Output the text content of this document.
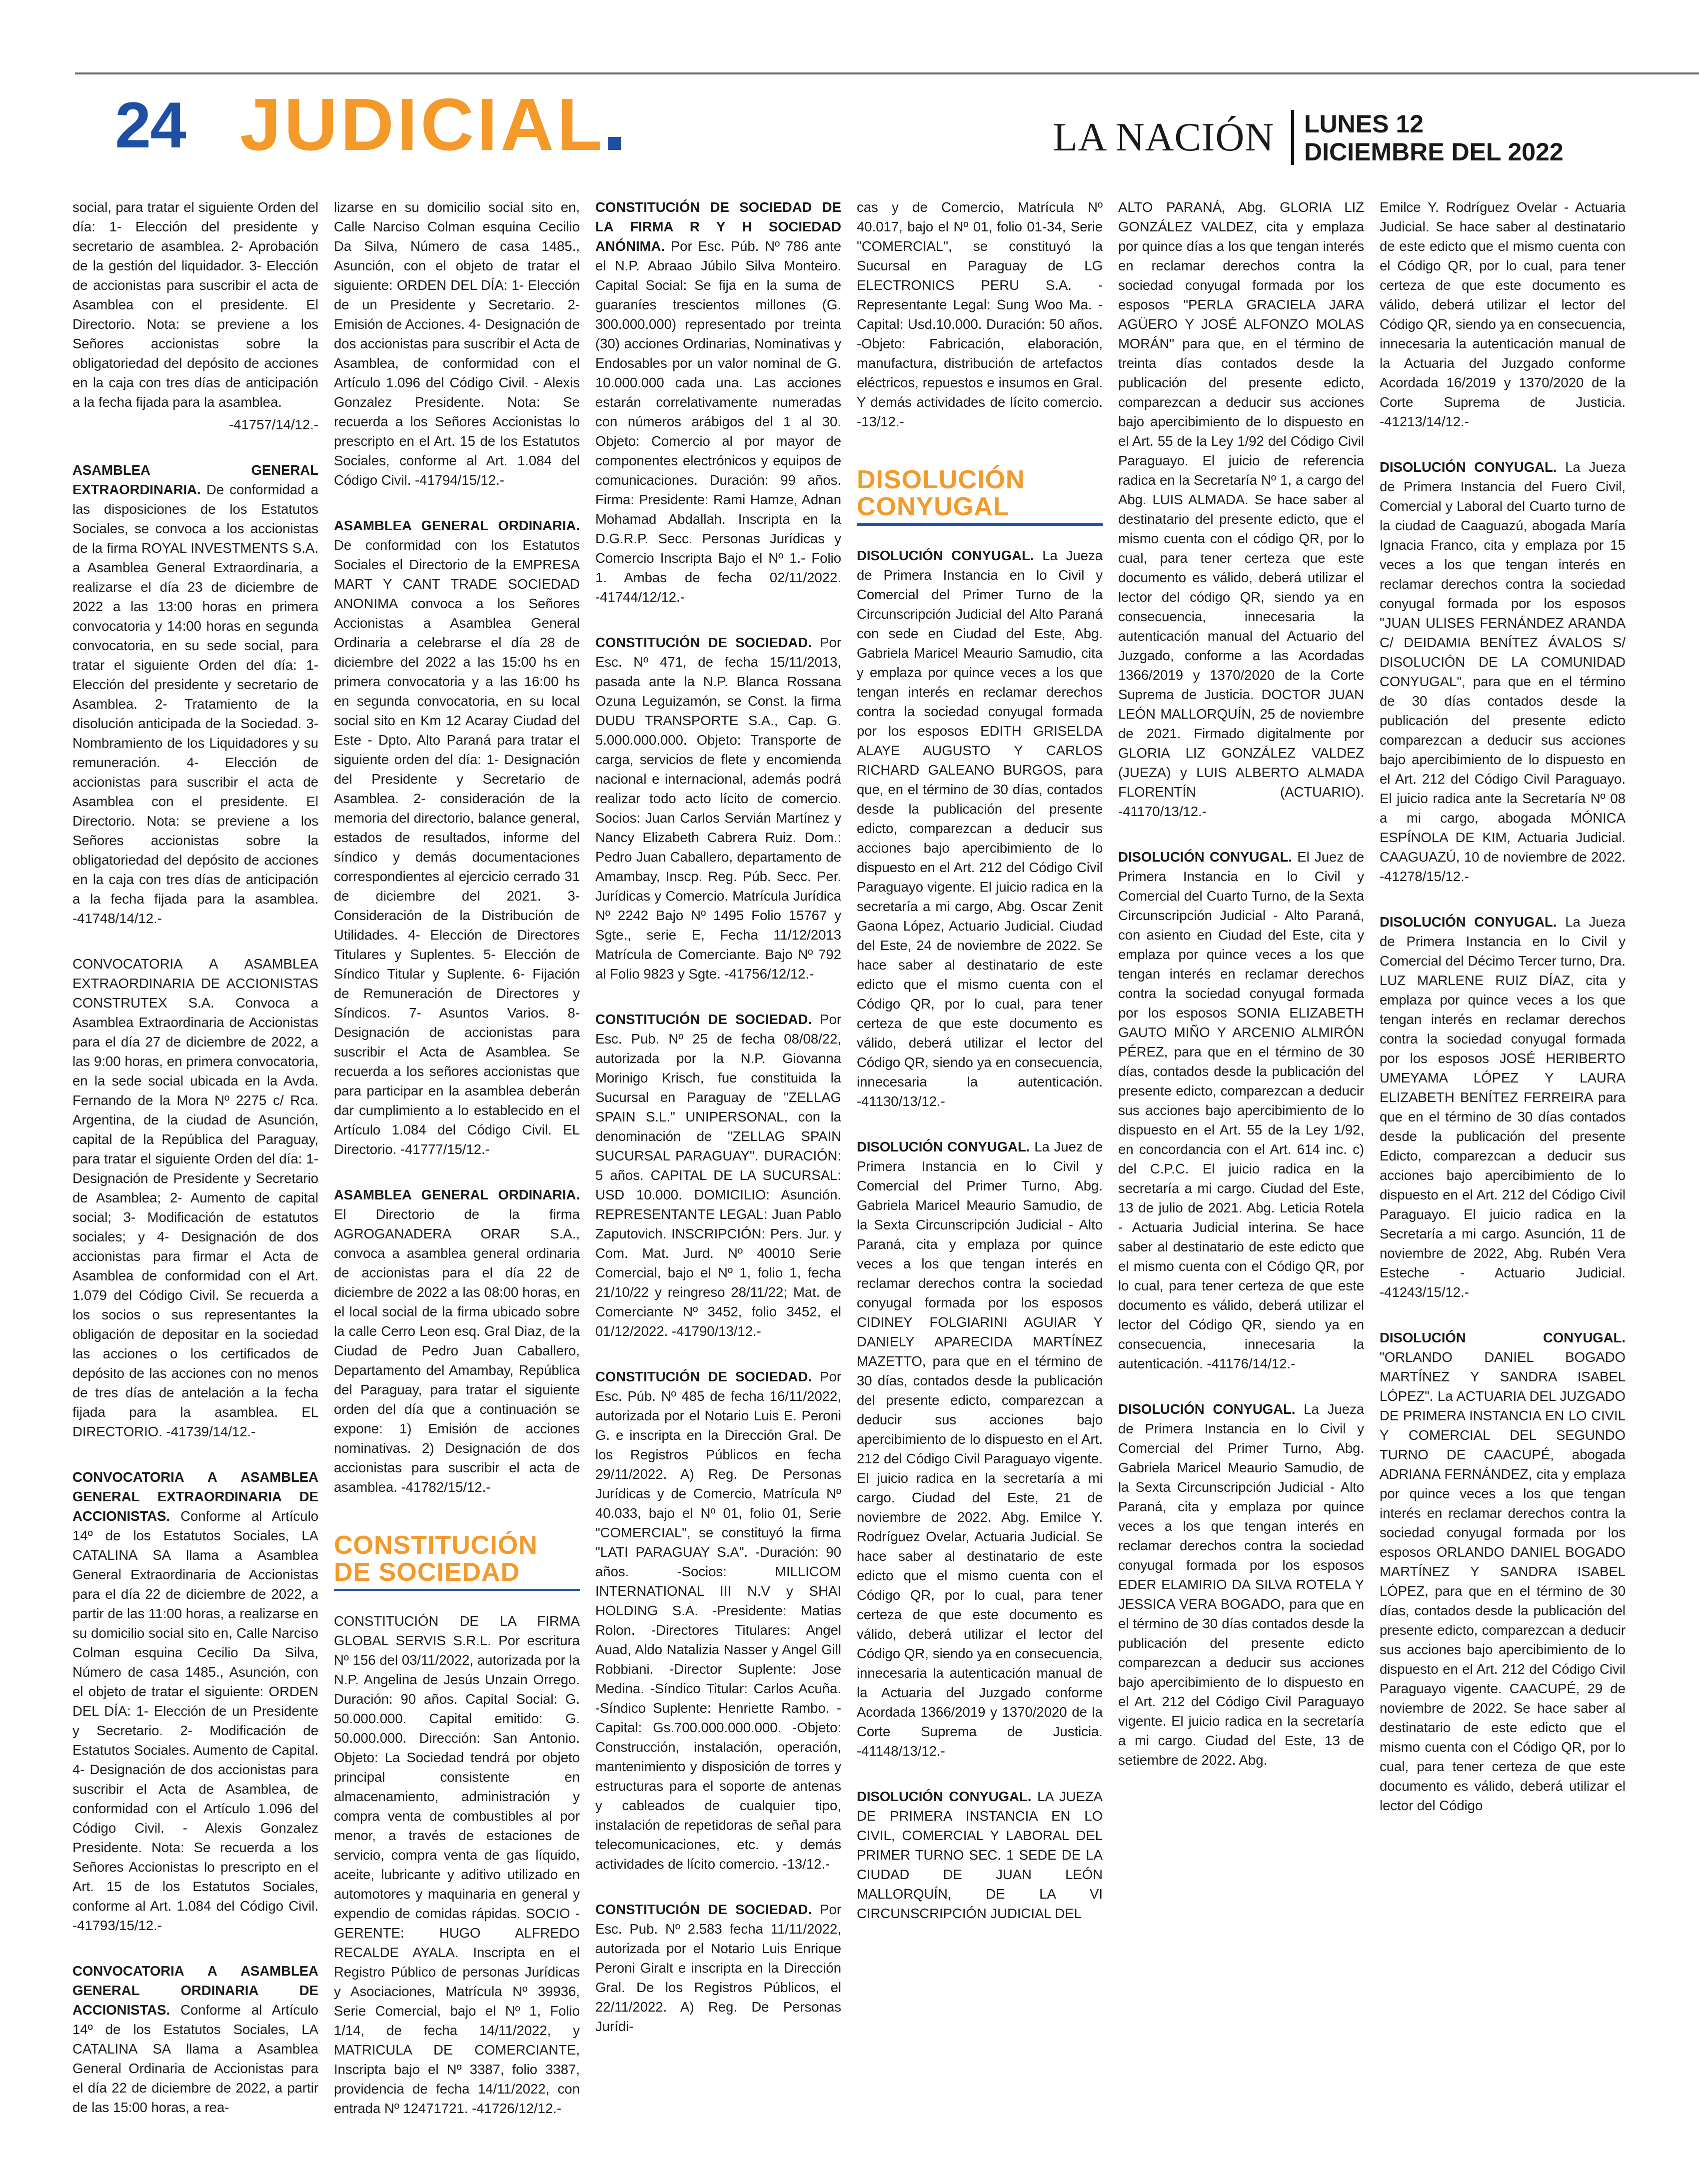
24 JUDICIAL	LA NACIÓN LUNES 12
DICIEMBRE DEL 2022

social, para tratar el siguiente Orden del día: 1- Elección del presidente y secretario de asamblea. 2- Aprobación de la gestión del liquidador. 3- Elección de accionistas para suscribir el acta de Asamblea con el presidente. El Directorio. Nota: se previene a los Señores accionistas sobre la obligatoriedad del depósito de acciones en la caja con tres días de anticipación a la fecha fijada para la asamblea.

-41757/14/12.-

ASAMBLEA GENERAL EXTRAORDINARIA. De conformidad a las disposiciones de los Estatutos Sociales, se convoca a los accionistas de la firma ROYAL INVESTMENTS S.A. a Asamblea General Extraordinaria, a realizarse el día 23 de diciembre de 2022 a las 13:00 horas en primera convocatoria y 14:00 horas en segunda convocatoria, en su sede social, para tratar el siguiente Orden del día: 1- Elección del presidente y secretario de Asamblea. 2- Tratamiento de la disolución anticipada de la Sociedad. 3- Nombramiento de los Liquidadores y su remuneración. 4- Elección de accionistas para suscribir el acta de Asamblea con el presidente. El Directorio. Nota: se previene a los Señores accionistas sobre la obligatoriedad del depósito de acciones en la caja con tres días de anticipación a la fecha fijada para la asamblea. -41748/14/12.-

CONVOCATORIA A ASAMBLEA EXTRAORDINARIA DE ACCIONISTAS CONSTRUTEX S.A. Convoca a Asamblea Extraordinaria de Accionistas para el día 27 de diciembre de 2022, a las 9:00 horas, en primera convocatoria, en la sede social ubicada en la Avda. Fernando de la Mora Nº 2275 c/ Rca. Argentina, de la ciudad de Asunción, capital de la República del Paraguay, para tratar el siguiente Orden del día: 1- Designación de Presidente y Secretario de Asamblea; 2- Aumento de capital social; 3- Modificación de estatutos sociales; y 4- Designación de dos accionistas para firmar el Acta de Asamblea de conformidad con el Art. 1.079 del Código Civil. Se recuerda a los socios o sus representantes la obligación de depositar en la sociedad las acciones o los certificados de depósito de las acciones con no menos de tres días de antelación a la fecha fijada para la asamblea. EL DIRECTORIO. -41739/14/12.-

CONVOCATORIA A ASAMBLEA GENERAL EXTRAORDINARIA DE ACCIONISTAS. Conforme al Artículo 14º de los Estatutos Sociales, LA CATALINA SA llama a Asamblea General Extraordinaria de Accionistas para el día 22 de diciembre de 2022, a partir de las 11:00 horas, a realizarse en su domicilio social sito en, Calle Narciso Colman esquina Cecilio Da Silva, Número de casa 1485., Asunción, con el objeto de tratar el siguiente: ORDEN DEL DÍA: 1- Elección de un Presidente y Secretario. 2- Modificación de Estatutos Sociales. Aumento de Capital. 4- Designación de dos accionistas para suscribir el Acta de Asamblea, de conformidad con el Artículo 1.096 del Código Civil. - Alexis Gonzalez Presidente. Nota: Se recuerda a los Señores Accionistas lo prescripto en el Art. 15 de los Estatutos Sociales, conforme al Art. 1.084 del Código Civil. -41793/15/12.-

CONVOCATORIA A ASAMBLEA GENERAL ORDINARIA DE ACCIONISTAS. Conforme al Artículo 14º de los Estatutos Sociales, LA CATALINA SA llama a Asamblea General Ordinaria de Accionistas para el día 22 de diciembre de 2022, a partir de las 15:00 horas, a rea-

lizarse en su domicilio social sito en, Calle Narciso Colman esquina Cecilio Da Silva, Número de casa 1485., Asunción, con el objeto de tratar el siguiente: ORDEN DEL DÍA: 1- Elección de un Presidente y Secretario. 2- Emisión de Acciones. 4- Designación de dos accionistas para suscribir el Acta de Asamblea, de conformidad con el Artículo 1.096 del Código Civil. - Alexis Gonzalez Presidente. Nota: Se recuerda a los Señores Accionistas lo prescripto en el Art. 15 de los Estatutos Sociales, conforme al Art. 1.084 del Código Civil. -41794/15/12.-

ASAMBLEA GENERAL ORDINARIA. De conformidad con los Estatutos Sociales el Directorio de la EMPRESA MART Y CANT TRADE SOCIEDAD ANONIMA convoca a los Señores Accionistas a Asamblea General Ordinaria a celebrarse el día 28 de diciembre del 2022 a las 15:00 hs en primera convocatoria y a las 16:00 hs en segunda convocatoria, en su local social sito en Km 12 Acaray Ciudad del Este - Dpto. Alto Paraná para tratar el siguiente orden del día: 1- Designación del Presidente y Secretario de Asamblea. 2- consideración de la memoria del directorio, balance general, estados de resultados, informe del síndico y demás documentaciones correspondientes al ejercicio cerrado 31 de diciembre del 2021. 3- Consideración de la Distribución de Utilidades. 4- Elección de Directores Titulares y Suplentes. 5- Elección de Síndico Titular y Suplente. 6- Fijación de Remuneración de Directores y Síndicos. 7- Asuntos Varios. 8- Designación de accionistas para suscribir el Acta de Asamblea. Se recuerda a los señores accionistas que para participar en la asamblea deberán dar cumplimiento a lo establecido en el Artículo 1.084 del Código Civil. EL Directorio. -41777/15/12.-

ASAMBLEA GENERAL ORDINARIA. El Directorio de la firma AGROGANADERA ORAR S.A., convoca a asamblea general ordinaria de accionistas para el día 22 de diciembre de 2022 a las 08:00 horas, en el local social de la firma ubicado sobre la calle Cerro Leon esq. Gral Diaz, de la Ciudad de Pedro Juan Caballero, Departamento del Amambay, República del Paraguay, para tratar el siguiente orden del día que a continuación se expone: 1) Emisión de acciones nominativas. 2) Designación de dos accionistas para suscribir el acta de asamblea. -41782/15/12.-

CONSTITUCIÓN DE SOCIEDAD

CONSTITUCIÓN DE LA FIRMA GLOBAL SERVIS S.R.L. Por escritura Nº 156 del 03/11/2022, autorizada por la N.P. Angelina de Jesús Unzain Orrego. Duración: 90 años. Capital Social: G. 50.000.000. Capital emitido: G. 50.000.000. Dirección: San Antonio. Objeto: La Sociedad tendrá por objeto principal consistente en almacenamiento, administración y compra venta de combustibles al por menor, a través de estaciones de servicio, compra venta de gas líquido, aceite, lubricante y aditivo utilizado en automotores y maquinaria en general y expendio de comidas rápidas. SOCIO - GERENTE: HUGO ALFREDO RECALDE AYALA. Inscripta en el Registro Público de personas Jurídicas y Asociaciones, Matrícula Nº 39936, Serie Comercial, bajo el Nº 1, Folio 1/14, de fecha 14/11/2022, y MATRICULA DE COMERCIANTE, Inscripta bajo el Nº 3387, folio 3387, providencia de fecha 14/11/2022, con entrada Nº 12471721. -41726/12/12.-

CONSTITUCIÓN DE SOCIEDAD DE LA FIRMA R Y H SOCIEDAD ANÓNIMA. Por Esc. Púb. Nº 786 ante el N.P. Abraao Júbilo Silva Monteiro. Capital Social: Se fija en la suma de guaraníes trescientos millones (G. 300.000.000) representado por treinta (30) acciones Ordinarias, Nominativas y Endosables por un valor nominal de G. 10.000.000 cada una. Las acciones estarán correlativamente numeradas con números arábigos del 1 al 30. Objeto: Comercio al por mayor de componentes electrónicos y equipos de comunicaciones. Duración: 99 años. Firma: Presidente: Rami Hamze, Adnan Mohamad Abdallah. Inscripta en la D.G.R.P. Secc. Personas Jurídicas y Comercio Inscripta Bajo el Nº 1.- Folio 1. Ambas de fecha 02/11/2022. -41744/12/12.-

CONSTITUCIÓN DE SOCIEDAD. Por Esc. Nº 471, de fecha 15/11/2013, pasada ante la N.P. Blanca Rossana Ozuna Leguizamón, se Const. la firma DUDU TRANSPORTE S.A., Cap. G. 5.000.000.000. Objeto: Transporte de carga, servicios de flete y encomienda nacional e internacional, además podrá realizar todo acto lícito de comercio. Socios: Juan Carlos Servián Martínez y Nancy Elizabeth Cabrera Ruiz. Dom.: Pedro Juan Caballero, departamento de Amambay, Inscp. Reg. Púb. Secc. Per. Jurídicas y Comercio. Matrícula Jurídica Nº 2242 Bajo Nº 1495 Folio 15767 y Sgte., serie E, Fecha 11/12/2013 Matrícula de Comerciante. Bajo Nº 792 al Folio 9823 y Sgte. -41756/12/12.-

CONSTITUCIÓN DE SOCIEDAD. Por Esc. Pub. Nº 25 de fecha 08/08/22, autorizada por la N.P. Giovanna Morinigo Krisch, fue constituida la Sucursal en Paraguay de "ZELLAG SPAIN S.L." UNIPERSONAL, con la denominación de "ZELLAG SPAIN SUCURSAL PARAGUAY". DURACIÓN: 5 años. CAPITAL DE LA SUCURSAL: USD 10.000. DOMICILIO: Asunción. REPRESENTANTE LEGAL: Juan Pablo Zaputovich. INSCRIPCIÓN: Pers. Jur. y Com. Mat. Jurd. Nº 40010 Serie Comercial, bajo el Nº 1, folio 1, fecha 21/10/22 y reingreso 28/11/22; Mat. de Comerciante Nº 3452, folio 3452, el 01/12/2022. -41790/13/12.-

CONSTITUCIÓN DE SOCIEDAD. Por Esc. Púb. Nº 485 de fecha 16/11/2022, autorizada por el Notario Luis E. Peroni G. e inscripta en la Dirección Gral. De los Registros Públicos en fecha 29/11/2022. A) Reg. De Personas Jurídicas y de Comercio, Matrícula Nº 40.033, bajo el Nº 01, folio 01, Serie "COMERCIAL", se constituyó la firma "LATI PARAGUAY S.A". -Duración: 90 años. -Socios: MILLICOM INTERNATIONAL III N.V y SHAI HOLDING S.A. -Presidente: Matias Rolon. -Directores Titulares: Angel Auad, Aldo Natalizia Nasser y Angel Gill Robbiani. -Director Suplente: Jose Medina. -Síndico Titular: Carlos Acuña. -Síndico Suplente: Henriette Rambo. -Capital: Gs.700.000.000.000. -Objeto: Construcción, instalación, operación, mantenimiento y disposición de torres y estructuras para el soporte de antenas y cableados de cualquier tipo, instalación de repetidoras de señal para telecomunicaciones, etc. y demás actividades de lícito comercio. -13/12.-

CONSTITUCIÓN DE SOCIEDAD. Por Esc. Pub. Nº 2.583 fecha 11/11/2022, autorizada por el Notario Luis Enrique Peroni Giralt e inscripta en la Dirección Gral. De los Registros Públicos, el 22/11/2022. A) Reg. De Personas Jurídi-

cas y de Comercio, Matrícula Nº 40.017, bajo el Nº 01, folio 01-34, Serie "COMERCIAL", se constituyó la Sucursal en Paraguay de LG ELECTRONICS PERU S.A. -Representante Legal: Sung Woo Ma. -Capital: Usd.10.000. Duración: 50 años. -Objeto: Fabricación, elaboración, manufactura, distribución de artefactos eléctricos, repuestos e insumos en Gral. Y demás actividades de lícito comercio. -13/12.-

DISOLUCIÓN CONYUGAL

DISOLUCIÓN CONYUGAL. La Jueza de Primera Instancia en lo Civil y Comercial del Primer Turno de la Circunscripción Judicial del Alto Paraná con sede en Ciudad del Este, Abg. Gabriela Maricel Meaurio Samudio, cita y emplaza por quince veces a los que tengan interés en reclamar derechos contra la sociedad conyugal formada por los esposos EDITH GRISELDA ALAYE AUGUSTO Y CARLOS RICHARD GALEANO BURGOS, para que, en el término de 30 días, contados desde la publicación del presente edicto, comparezcan a deducir sus acciones bajo apercibimiento de lo dispuesto en el Art. 212 del Código Civil Paraguayo vigente. El juicio radica en la secretaría a mi cargo, Abg. Oscar Zenit Gaona López, Actuario Judicial. Ciudad del Este, 24 de noviembre de 2022. Se hace saber al destinatario de este edicto que el mismo cuenta con el Código QR, por lo cual, para tener certeza de que este documento es válido, deberá utilizar el lector del Código QR, siendo ya en consecuencia, innecesaria la autenticación. -41130/13/12.-

DISOLUCIÓN CONYUGAL. La Juez de Primera Instancia en lo Civil y Comercial del Primer Turno, Abg. Gabriela Maricel Meaurio Samudio, de la Sexta Circunscripción Judicial - Alto Paraná, cita y emplaza por quince veces a los que tengan interés en reclamar derechos contra la sociedad conyugal formada por los esposos CIDINEY FOLGIARINI AGUIAR Y DANIELY APARECIDA MARTÍNEZ MAZETTO, para que en el término de 30 días, contados desde la publicación del presente edicto, comparezcan a deducir sus acciones bajo apercibimiento de lo dispuesto en el Art. 212 del Código Civil Paraguayo vigente. El juicio radica en la secretaría a mi cargo. Ciudad del Este, 21 de noviembre de 2022. Abg. Emilce Y. Rodríguez Ovelar, Actuaria Judicial. Se hace saber al destinatario de este edicto que el mismo cuenta con el Código QR, por lo cual, para tener certeza de que este documento es válido, deberá utilizar el lector del Código QR, siendo ya en consecuencia, innecesaria la autenticación manual de la Actuaria del Juzgado conforme Acordada 1366/2019 y 1370/2020 de la Corte Suprema de Justicia. -41148/13/12.-

DISOLUCIÓN CONYUGAL. LA JUEZA DE PRIMERA INSTANCIA EN LO CIVIL, COMERCIAL Y LABORAL DEL PRIMER TURNO SEC. 1 SEDE DE LA CIUDAD DE JUAN LEÓN MALLORQUÍN, DE LA VI CIRCUNSCRIPCIÓN JUDICIAL DEL

ALTO PARANÁ, Abg. GLORIA LIZ GONZÁLEZ VALDEZ, cita y emplaza por quince días a los que tengan interés en reclamar derechos contra la sociedad conyugal formada por los esposos "PERLA GRACIELA JARA AGÜERO Y JOSÉ ALFONZO MOLAS MORÁN" para que, en el término de treinta días contados desde la publicación del presente edicto, comparezcan a deducir sus acciones bajo apercibimiento de lo dispuesto en el Art. 55 de la Ley 1/92 del Código Civil Paraguayo. El juicio de referencia radica en la Secretaría Nº 1, a cargo del Abg. LUIS ALMADA. Se hace saber al destinatario del presente edicto, que el mismo cuenta con el código QR, por lo cual, para tener certeza que este documento es válido, deberá utilizar el lector del código QR, siendo ya en consecuencia, innecesaria la autenticación manual del Actuario del Juzgado, conforme a las Acordadas 1366/2019 y 1370/2020 de la Corte Suprema de Justicia. DOCTOR JUAN LEÓN MALLORQUÍN, 25 de noviembre de 2021. Firmado digitalmente por GLORIA LIZ GONZÁLEZ VALDEZ (JUEZA) y LUIS ALBERTO ALMADA FLORENTÍN (ACTUARIO). -41170/13/12.-

DISOLUCIÓN CONYUGAL. El Juez de Primera Instancia en lo Civil y Comercial del Cuarto Turno, de la Sexta Circunscripción Judicial - Alto Paraná, con asiento en Ciudad del Este, cita y emplaza por quince veces a los que tengan interés en reclamar derechos contra la sociedad conyugal formada por los esposos SONIA ELIZABETH GAUTO MIÑO Y ARCENIO ALMIRÓN PÉREZ, para que en el término de 30 días, contados desde la publicación del presente edicto, comparezcan a deducir sus acciones bajo apercibimiento de lo dispuesto en el Art. 55 de la Ley 1/92, en concordancia con el Art. 614 inc. c) del C.P.C. El juicio radica en la secretaría a mi cargo. Ciudad del Este, 13 de julio de 2021. Abg. Leticia Rotela - Actuaria Judicial interina. Se hace saber al destinatario de este edicto que el mismo cuenta con el Código QR, por lo cual, para tener certeza de que este documento es válido, deberá utilizar el lector del Código QR, siendo ya en consecuencia, innecesaria la autenticación. -41176/14/12.-

DISOLUCIÓN CONYUGAL. La Jueza de Primera Instancia en lo Civil y Comercial del Primer Turno, Abg. Gabriela Maricel Meaurio Samudio, de la Sexta Circunscripción Judicial - Alto Paraná, cita y emplaza por quince veces a los que tengan interés en reclamar derechos contra la sociedad conyugal formada por los esposos EDER ELAMIRIO DA SILVA ROTELA Y JESSICA VERA BOGADO, para que en el término de 30 días contados desde la publicación del presente edicto comparezcan a deducir sus acciones bajo apercibimiento de lo dispuesto en el Art. 212 del Código Civil Paraguayo vigente. El juicio radica en la secretaría a mi cargo. Ciudad del Este, 13 de setiembre de 2022. Abg.

Emilce Y. Rodríguez Ovelar - Actuaria Judicial. Se hace saber al destinatario de este edicto que el mismo cuenta con el Código QR, por lo cual, para tener certeza de que este documento es válido, deberá utilizar el lector del Código QR, siendo ya en consecuencia, innecesaria la autenticación manual de la Actuaria del Juzgado conforme Acordada 16/2019 y 1370/2020 de la Corte Suprema de Justicia. -41213/14/12.-

DISOLUCIÓN CONYUGAL. La Jueza de Primera Instancia del Fuero Civil, Comercial y Laboral del Cuarto turno de la ciudad de Caaguazú, abogada María Ignacia Franco, cita y emplaza por 15 veces a los que tengan interés en reclamar derechos contra la sociedad conyugal formada por los esposos "JUAN ULISES FERNÁNDEZ ARANDA C/ DEIDAMIA BENÍTEZ ÁVALOS S/ DISOLUCIÓN DE LA COMUNIDAD CONYUGAL", para que en el término de 30 días contados desde la publicación del presente edicto comparezcan a deducir sus acciones bajo apercibimiento de lo dispuesto en el Art. 212 del Código Civil Paraguayo. El juicio radica ante la Secretaría Nº 08 a mi cargo, abogada MÓNICA ESPÍNOLA DE KIM, Actuaria Judicial. CAAGUAZÚ, 10 de noviembre de 2022. -41278/15/12.-

DISOLUCIÓN CONYUGAL. La Jueza de Primera Instancia en lo Civil y Comercial del Décimo Tercer turno, Dra. LUZ MARLENE RUIZ DÍAZ, cita y emplaza por quince veces a los que tengan interés en reclamar derechos contra la sociedad conyugal formada por los esposos JOSÉ HERIBERTO UMEYAMA LÓPEZ Y LAURA ELIZABETH BENÍTEZ FERREIRA para que en el término de 30 días contados desde la publicación del presente Edicto, comparezcan a deducir sus acciones bajo apercibimiento de lo dispuesto en el Art. 212 del Código Civil Paraguayo. El juicio radica en la Secretaría a mi cargo. Asunción, 11 de noviembre de 2022, Abg. Rubén Vera Esteche - Actuario Judicial. -41243/15/12.-

DISOLUCIÓN CONYUGAL. "ORLANDO DANIEL BOGADO MARTÍNEZ Y SANDRA ISABEL LÓPEZ". La ACTUARIA DEL JUZGADO DE PRIMERA INSTANCIA EN LO CIVIL Y COMERCIAL DEL SEGUNDO TURNO DE CAACUPÉ, abogada ADRIANA FERNÁNDEZ, cita y emplaza por quince veces a los que tengan interés en reclamar derechos contra la sociedad conyugal formada por los esposos ORLANDO DANIEL BOGADO MARTÍNEZ Y SANDRA ISABEL LÓPEZ, para que en el término de 30 días, contados desde la publicación del presente edicto, comparezcan a deducir sus acciones bajo apercibimiento de lo dispuesto en el Art. 212 del Código Civil Paraguayo vigente. CAACUPÉ, 29 de noviembre de 2022. Se hace saber al destinatario de este edicto que el mismo cuenta con el Código QR, por lo cual, para tener certeza de que este documento es válido, deberá utilizar el lector del Código
